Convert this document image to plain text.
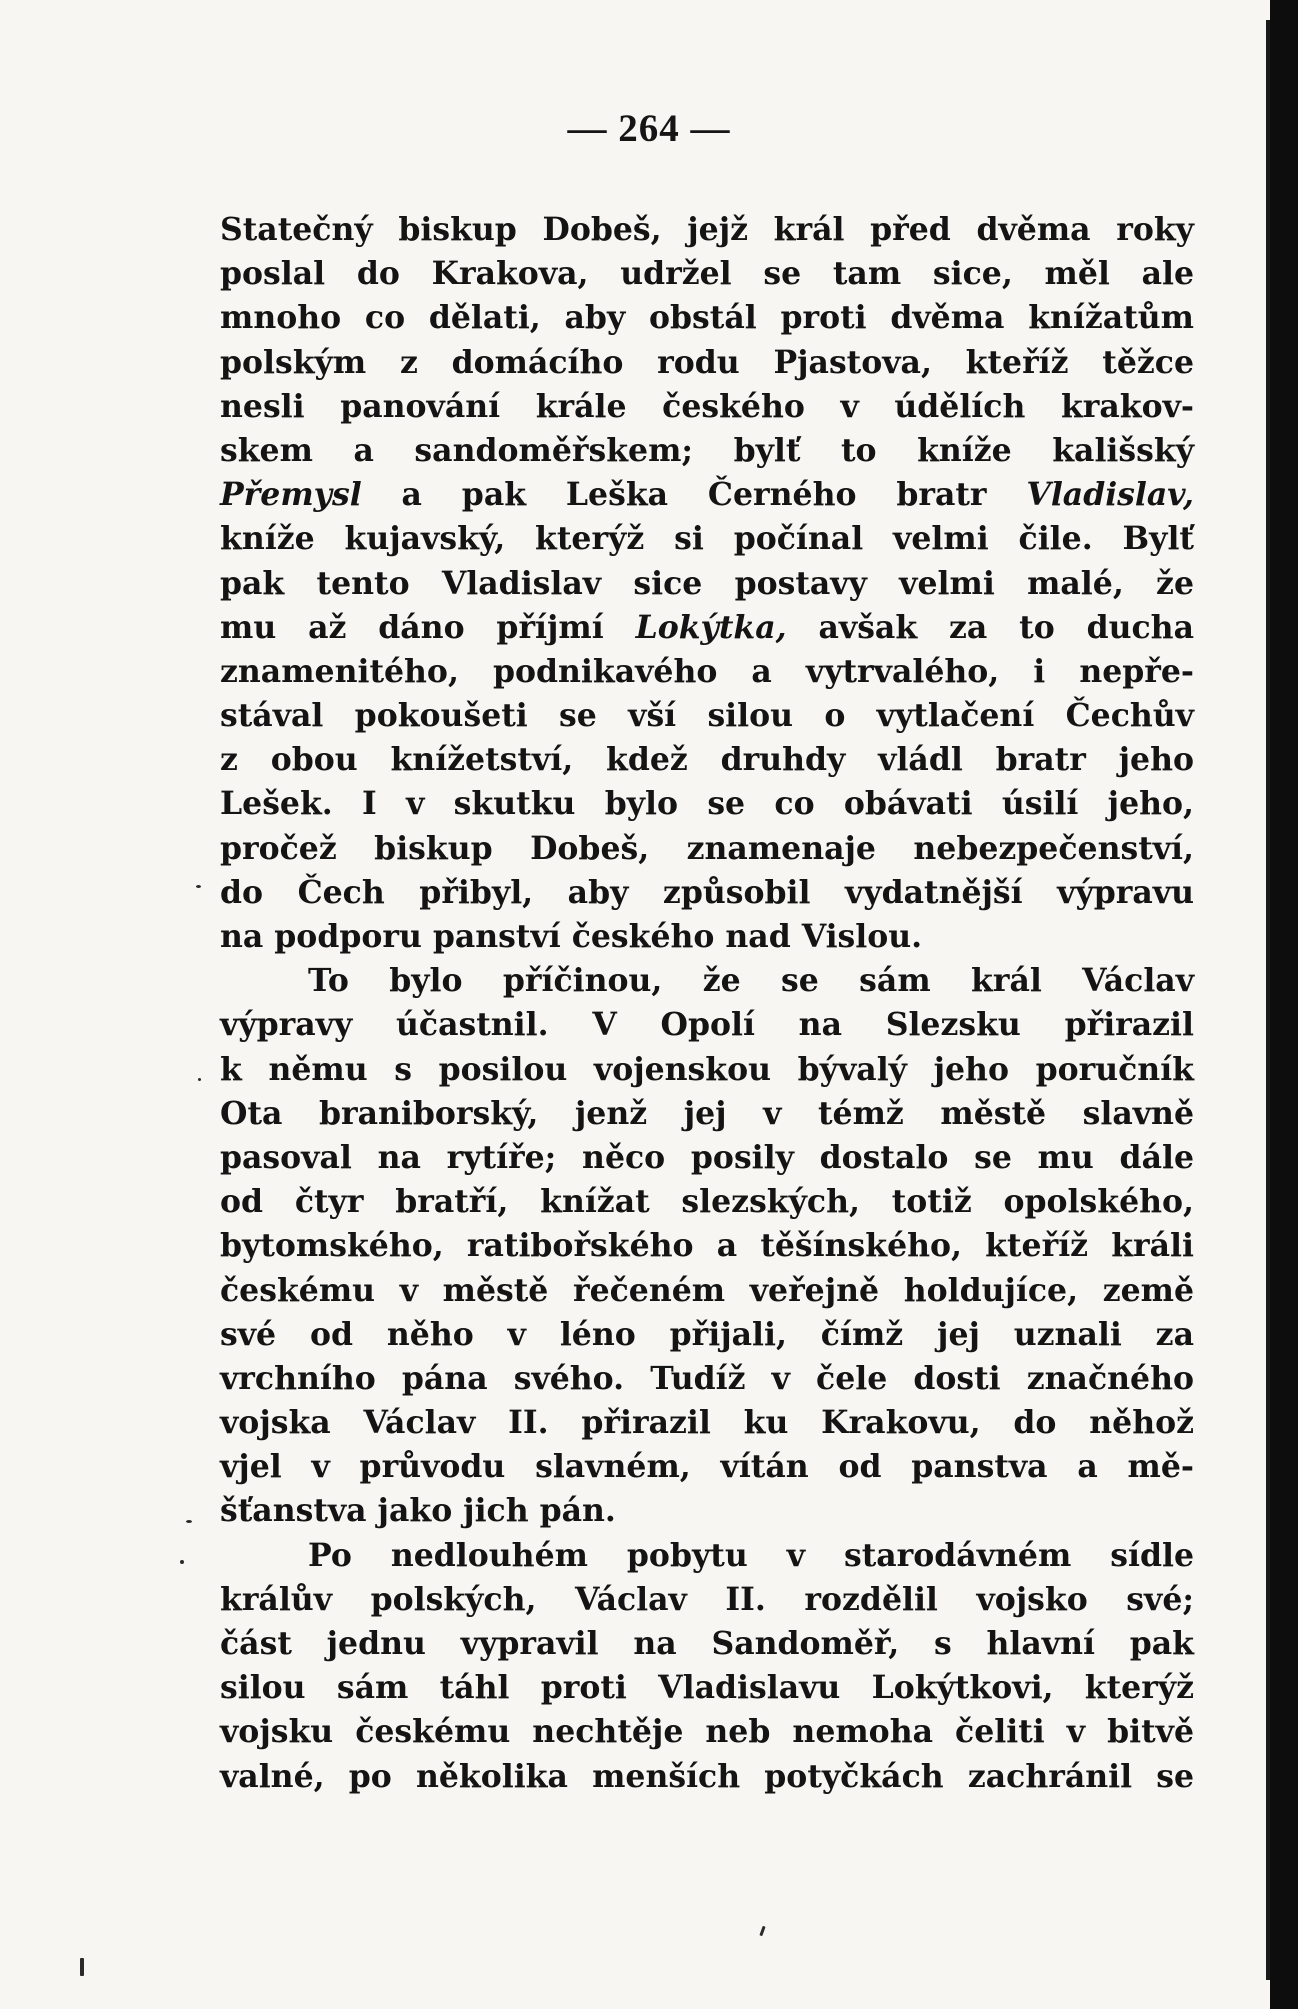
— 264 —
Statečný biskup Dobeš, jejž král před dvěma roky
poslal do Krakova, udržel se tam sice, měl ale
mnoho co dělati, aby obstál proti dvěma knížatům
polským z domácího rodu Pjastova, kteříž těžce
nesli panování krále českého v údělích krakov-
skem a sandoměřskem; bylť to kníže kališský
Přemysl a pak Leška Černého bratr Vladislav,
kníže kujavský, kterýž si počínal velmi čile. Bylť
pak tento Vladislav sice postavy velmi malé, že
mu až dáno příjmí Lokýtka, avšak za to ducha
znamenitého, podnikavého a vytrvalého, i nepře-
stával pokoušeti se vší silou o vytlačení Čechův
z obou knížetství, kdež druhdy vládl bratr jeho
Lešek. I v skutku bylo se co obávati úsilí jeho,
pročež biskup Dobeš, znamenaje nebezpečenství,
do Čech přibyl, aby způsobil vydatnější výpravu
na podporu panství českého nad Vislou.
To bylo příčinou, že se sám král Václav
výpravy účastnil. V Opolí na Slezsku přirazil
k němu s posilou vojenskou bývalý jeho poručník
Ota braniborský, jenž jej v témž městě slavně
pasoval na rytíře; něco posily dostalo se mu dále
od čtyr bratří, knížat slezských, totiž opolského,
bytomského, ratibořského a těšínského, kteříž králi
českému v městě řečeném veřejně holdujíce, země
své od něho v léno přijali, čímž jej uznali za
vrchního pána svého. Tudíž v čele dosti značného
vojska Václav II. přirazil ku Krakovu, do něhož
vjel v průvodu slavném, vítán od panstva a mě-
šťanstva jako jich pán.
Po nedlouhém pobytu v starodávném sídle
králův polských, Václav II. rozdělil vojsko své;
část jednu vypravil na Sandoměř, s hlavní pak
silou sám táhl proti Vladislavu Lokýtkovi, kterýž
vojsku českému nechtěje neb nemoha čeliti v bitvě
valné, po několika menších potyčkách zachránil se
